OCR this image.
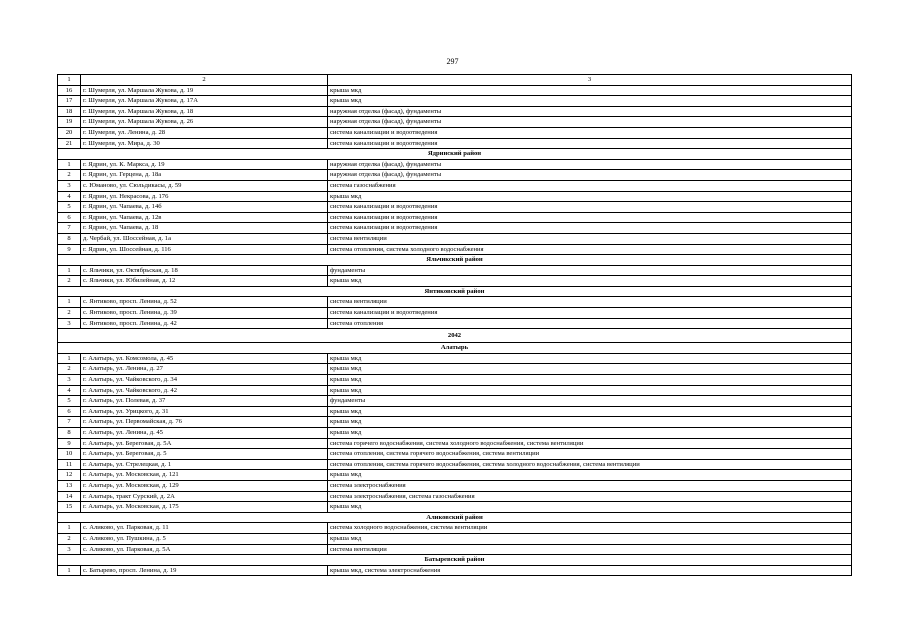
297
1	2	3
16	г. Шумерля, ул. Маршала Жукова, д. 19	крыша мкд
17	г. Шумерля, ул. Маршала Жукова, д. 17А	крыша мкд
18	г. Шумерля, ул. Маршала Жукова, д. 18	наружная отделка (фасад), фундаменты
19	г. Шумерля, ул. Маршала Жукова, д. 26	наружная отделка (фасад), фундаменты
20	г. Шумерля, ул. Ленина, д. 28	система канализации и водоотведения
21	г. Шумерля, ул. Мира, д. 30	система канализации и водоотведения
Ядринский район		
1	г. Ядрин, ул. К. Маркса, д. 19	наружная отделка (фасад), фундаменты
2	г. Ядрин, ул. Герцена, д. 18а	наружная отделка (фасад), фундаменты
3	с. Юманово, ул. Сюльдикасы, д. 59	система газоснабжения
4	г. Ядрин, ул. Некрасова, д. 176	крыша мкд
5	г. Ядрин, ул. Чапаева, д. 14б	система канализации и водоотведения
6	г. Ядрин, ул. Чапаева, д. 12в	система канализации и водоотведения
7	г. Ядрин, ул. Чапаева, д. 18	система канализации и водоотведения
8	д. Чербай, ул. Шоссейная, д. 1а	система вентиляции
9	г. Ядрин, ул. Шоссейная, д. 116	система отопления, система холодного водоснабжения
Яльчикский район		
1	с. Яльчики, ул. Октябрьская, д. 18	фундаменты
2	с. Яльчики, ул. Юбилейная, д. 12	крыша мкд
Янтиковский район		
1	с. Янтиково, просп. Ленина, д. 52	система вентиляции
2	с. Янтиково, просп. Ленина, д. 39	система канализации и водоотведения
3	с. Янтиково, просп. Ленина, д. 42	система отопления
2042		
Алатырь		
1	г. Алатырь, ул. Комсомола, д. 45	крыша мкд
2	г. Алатырь, ул. Ленина, д. 27	крыша мкд
3	г. Алатырь, ул. Чайковского, д. 34	крыша мкд
4	г. Алатырь, ул. Чайковского, д. 42	крыша мкд
5	г. Алатырь, ул. Полевая, д. 37	фундаменты
6	г. Алатырь, ул. Урицкого, д. 31	крыша мкд
7	г. Алатырь, ул. Первомайская, д. 76	крыша мкд
8	г. Алатырь, ул. Ленина, д. 45	крыша мкд
9	г. Алатырь, ул. Береговая, д. 5А	система горячего водоснабжения, система холодного водоснабжения, система вентиляции
10	г. Алатырь, ул. Береговая, д. 5	система отопления, система горячего водоснабжения, система вентиляции
11	г. Алатырь, ул. Стрелецкая, д. 1	система отопления, система горячего водоснабжения, система холодного водоснабжения, система вентиляции
12	г. Алатырь, ул. Московская, д. 121	крыша мкд
13	г. Алатырь, ул. Московская, д. 129	система электроснабжения
14	г. Алатырь, тракт Сурский, д. 2А	система электроснабжения, система газоснабжения
15	г. Алатырь, ул. Московская, д. 175	крыша мкд
Аликовский район		
1	с. Аликово, ул. Парковая, д. 11	система холодного водоснабжения, система вентиляции
2	с. Аликово, ул. Пушкина, д. 5	крыша мкд
3	с. Аликово, ул. Парковая, д. 5А	система вентиляции
Батыревский район		
1	с. Батырево, просп. Ленина, д. 19	крыша мкд, система электроснабжения
